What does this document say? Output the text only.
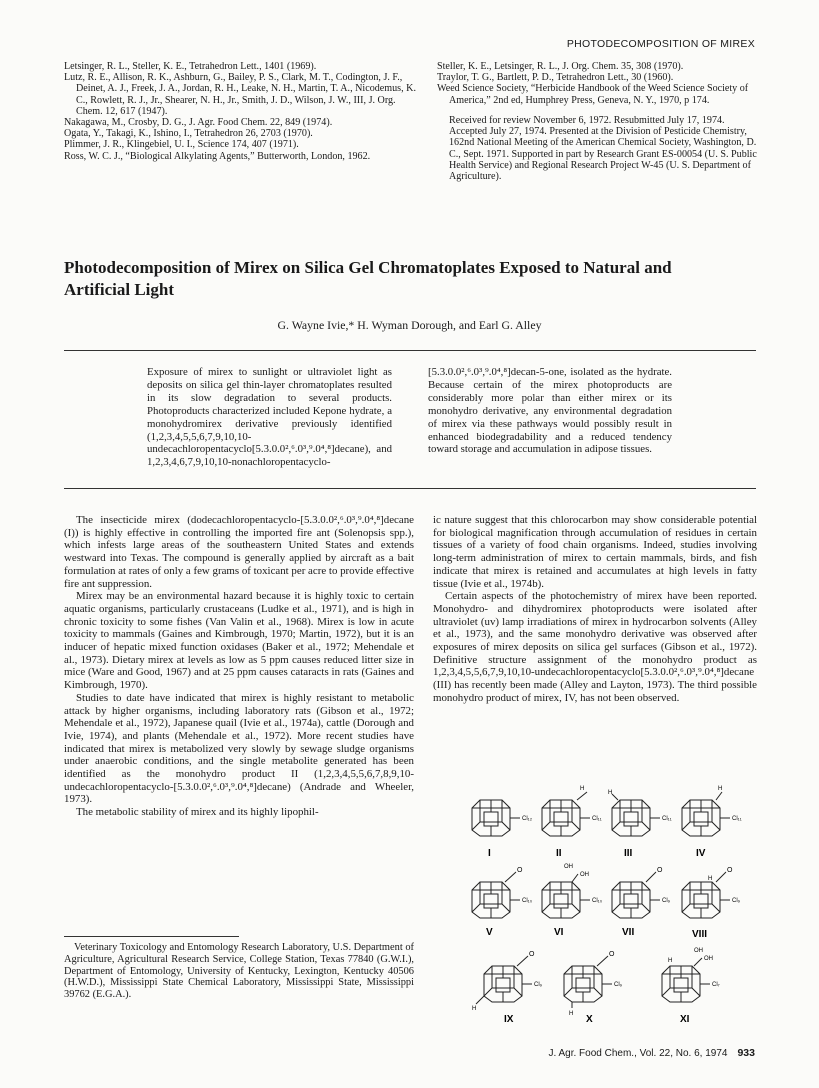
PHOTODECOMPOSITION OF MIREX

Letsinger, R. L., Steller, K. E., Tetrahedron Lett., 1401 (1969).

Lutz, R. E., Allison, R. K., Ashburn, G., Bailey, P. S., Clark, M. T., Codington, J. F., Deinet, A. J., Freek, J. A., Jordan, R. H., Leake, N. H., Martin, T. A., Nicodemus, K. C., Rowlett, R. J., Jr., Shearer, N. H., Jr., Smith, J. D., Wilson, J. W., III, J. Org. Chem. 12, 617 (1947).

Nakagawa, M., Crosby, D. G., J. Agr. Food Chem. 22, 849 (1974).

Ogata, Y., Takagi, K., Ishino, I., Tetrahedron 26, 2703 (1970).

Plimmer, J. R., Klingebiel, U. I., Science 174, 407 (1971).

Ross, W. C. J., “Biological Alkylating Agents,” Butterworth, London, 1962.

Steller, K. E., Letsinger, R. L., J. Org. Chem. 35, 308 (1970).

Traylor, T. G., Bartlett, P. D., Tetrahedron Lett., 30 (1960).

Weed Science Society, “Herbicide Handbook of the Weed Science Society of America,” 2nd ed, Humphrey Press, Geneva, N. Y., 1970, p 174.

Received for review November 6, 1972. Resubmitted July 17, 1974. Accepted July 27, 1974. Presented at the Division of Pesticide Chemistry, 162nd National Meeting of the American Chemical Society, Washington, D. C., Sept. 1971. Supported in part by Research Grant ES-00054 (U. S. Public Health Service) and Regional Research Project W-45 (U. S. Department of Agriculture).

Photodecomposition of Mirex on Silica Gel Chromatoplates Exposed to Natural and
Artificial Light
G. Wayne Ivie,* H. Wyman Dorough, and Earl G. Alley
Exposure of mirex to sunlight or ultraviolet light as deposits on silica gel thin-layer chromatoplates resulted in its slow degradation to several products. Photoproducts characterized included Kepone hydrate, a monohydromirex derivative previously identified (1,2,3,4,5,5,6,7,9,10,10-undecachloropentacyclo[5.3.0.0²,⁶.0³,⁹.0⁴,⁸]decane), and 1,2,3,4,6,7,9,10,10-nonachloropentacyclo-
[5.3.0.0²,⁶.0³,⁹.0⁴,⁸]decan-5-one, isolated as the hydrate. Because certain of the mirex photoproducts are considerably more polar than either mirex or its monohydro derivative, any environmental degradation of mirex via these pathways would possibly result in enhanced biodegradability and a reduced tendency toward storage and accumulation in adipose tissues.

The insecticide mirex (dodecachloropentacyclo-[5.3.0.0²,⁶.0³,⁹.0⁴,⁸]decane (I)) is highly effective in controlling the imported fire ant (Solenopsis spp.), which infests large areas of the southeastern United States and extends westward into Texas. The compound is generally applied by aircraft as a bait formulation at rates of only a few grams of toxicant per acre to provide effective fire ant suppression.

Mirex may be an environmental hazard because it is highly toxic to certain aquatic organisms, particularly crustaceans (Ludke et al., 1971), and is high in chronic toxicity to some fishes (Van Valin et al., 1968). Mirex is low in acute toxicity to mammals (Gaines and Kimbrough, 1970; Martin, 1972), but it is an inducer of hepatic mixed function oxidases (Baker et al., 1972; Mehendale et al., 1973). Dietary mirex at levels as low as 5 ppm causes reduced litter size in mice (Ware and Good, 1967) and at 25 ppm causes cataracts in rats (Gaines and Kimbrough, 1970).

Studies to date have indicated that mirex is highly resistant to metabolic attack by higher organisms, including laboratory rats (Gibson et al., 1972; Mehendale et al., 1972), Japanese quail (Ivie et al., 1974a), cattle (Dorough and Ivie, 1974), and plants (Mehendale et al., 1972). More recent studies have indicated that mirex is metabolized very slowly by sewage sludge organisms under anaerobic conditions, and the single metabolite generated has been identified as the monohydro product II (1,2,3,4,5,5,6,7,8,9,10-undecachloropentacyclo-[5.3.0.0²,⁶.0³,⁹.0⁴,⁸]decane) (Andrade and Wheeler, 1973).

The metabolic stability of mirex and its highly lipophil-

ic nature suggest that this chlorocarbon may show considerable potential for biological magnification through accumulation of residues in certain tissues of a variety of food chain organisms. Indeed, studies involving long-term administration of mirex to certain mammals, birds, and fish indicate that mirex is retained and accumulates at high levels in fatty tissue (Ivie et al., 1974b).

Certain aspects of the photochemistry of mirex have been reported. Monohydro- and dihydromirex photoproducts were isolated after ultraviolet (uv) lamp irradiations of mirex in hydrocarbon solvents (Alley et al., 1973), and the same monohydro derivative was observed after exposures of mirex deposits on silica gel surfaces (Gibson et al., 1972). Definitive structure assignment of the monohydro product as 1,2,3,4,5,5,6,7,9,10,10-undecachloropentacyclo[5.3.0.0²,⁶.0³,⁹.0⁴,⁸]decane (III) has recently been made (Alley and Layton, 1973). The third possible monohydro product of mirex, IV, has not been observed.

Veterinary Toxicology and Entomology Research Laboratory, U.S. Department of Agriculture, Agricultural Research Service, College Station, Texas 77840 (G.W.I.), Department of Entomology, University of Kentucky, Lexington, Kentucky 40506 (H.W.D.), Mississippi State Chemical Laboratory, Mississippi State, Mississippi 39762 (E.G.A.).

Cl₁₂
I
H
Cl₁₁
II
H
Cl₁₁
III
H
Cl₁₁
IV
O
Cl₁₀
V
OH
OH
Cl₁₀
VI
O
Cl₉
VII
O
H
Cl₉
VIII
O
H
Cl₉
IX
O
H
Cl₉
X
OH
OH
H
Cl₇
XI
J. Agr. Food Chem., Vol. 22, No. 6, 1974 933
